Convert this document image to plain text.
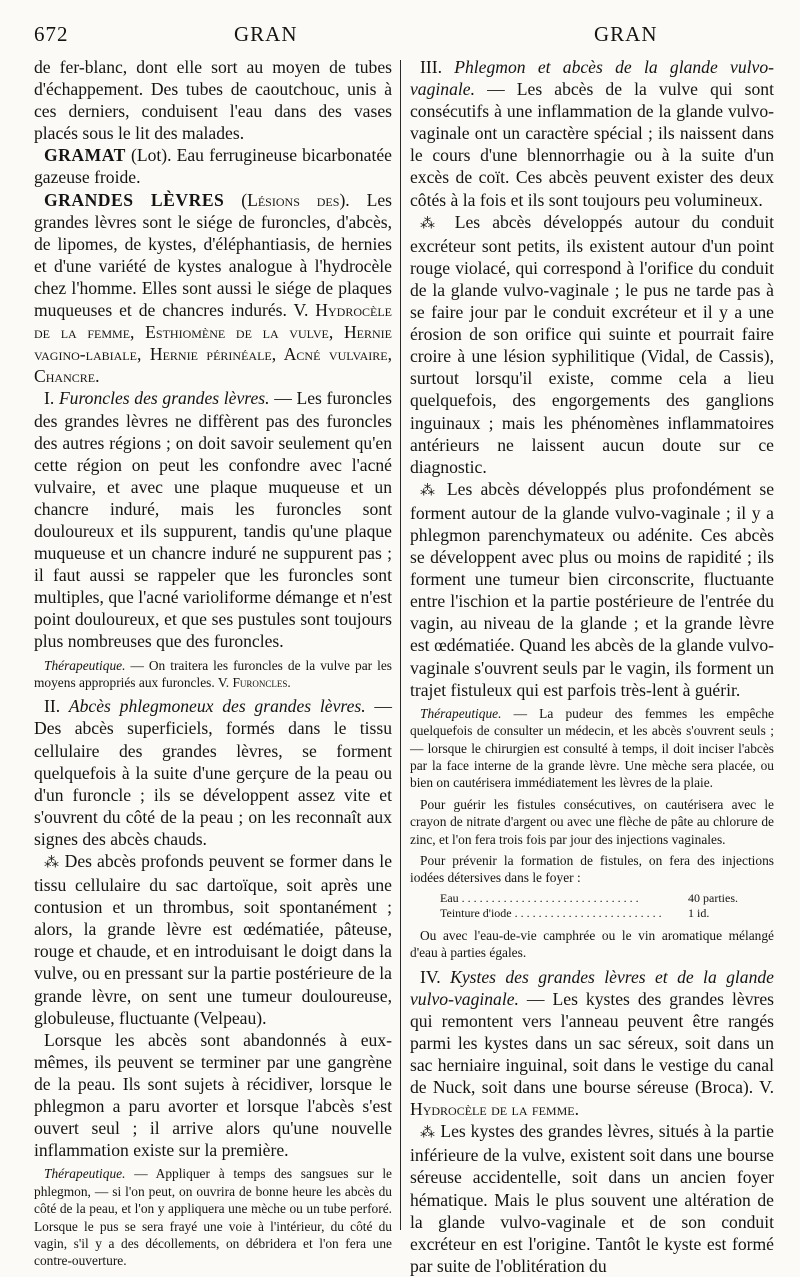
672	GRAN	GRAN

de fer-blanc, dont elle sort au moyen de tubes d'échappement. Des tubes de caoutchouc, unis à ces derniers, conduisent l'eau dans des vases placés sous le lit des malades.

GRAMAT (Lot). Eau ferrugineuse bicarbonatée gazeuse froide.

GRANDES LÈVRES (Lésions des). Les grandes lèvres sont le siége de furoncles, d'abcès, de lipomes, de kystes, d'éléphantiasis, de hernies et d'une variété de kystes analogue à l'hydrocèle chez l'homme. Elles sont aussi le siége de plaques muqueuses et de chancres indurés. V. Hydrocèle de la femme, Esthiomène de la vulve, Hernie vagino-labiale, Hernie périnéale, Acné vulvaire, Chancre.

I. Furoncles des grandes lèvres. — Les furoncles des grandes lèvres ne diffèrent pas des furoncles des autres régions ; on doit savoir seulement qu'en cette région on peut les confondre avec l'acné vulvaire, et avec une plaque muqueuse et un chancre induré, mais les furoncles sont douloureux et ils suppurent, tandis qu'une plaque muqueuse et un chancre induré ne suppurent pas ; il faut aussi se rappeler que les furoncles sont multiples, que l'acné varioliforme démange et n'est point douloureux, et que ses pustules sont toujours plus nombreuses que des furoncles.

Thérapeutique. — On traitera les furoncles de la vulve par les moyens appropriés aux furoncles. V. Furoncles.

II. Abcès phlegmoneux des grandes lèvres. — Des abcès superficiels, formés dans le tissu cellulaire des grandes lèvres, se forment quelquefois à la suite d'une gerçure de la peau ou d'un furoncle ; ils se développent assez vite et s'ouvrent du côté de la peau ; on les reconnaît aux signes des abcès chauds.

⁂ Des abcès profonds peuvent se former dans le tissu cellulaire du sac dartoïque, soit après une contusion et un thrombus, soit spontanément ; alors, la grande lèvre est œdématiée, pâteuse, rouge et chaude, et en introduisant le doigt dans la vulve, ou en pressant sur la partie postérieure de la grande lèvre, on sent une tumeur douloureuse, globuleuse, fluctuante (Velpeau).

Lorsque les abcès sont abandonnés à eux-mêmes, ils peuvent se terminer par une gangrène de la peau. Ils sont sujets à récidiver, lorsque le phlegmon a paru avorter et lorsque l'abcès s'est ouvert seul ; il arrive alors qu'une nouvelle inflammation existe sur la première.

Thérapeutique. — Appliquer à temps des sangsues sur le phlegmon, — si l'on peut, on ouvrira de bonne heure les abcès du côté de la peau, et l'on y appliquera une mèche ou un tube perforé. Lorsque le pus se sera frayé une voie à l'intérieur, du côté du vagin, s'il y a des décollements, on débridera et l'on fera une contre-ouverture.

III. Phlegmon et abcès de la glande vulvo-vaginale. — Les abcès de la vulve qui sont consécutifs à une inflammation de la glande vulvo-vaginale ont un caractère spécial ; ils naissent dans le cours d'une blennorrhagie ou à la suite d'un excès de coït. Ces abcès peuvent exister des deux côtés à la fois et ils sont toujours peu volumineux.

⁂ Les abcès développés autour du conduit excréteur sont petits, ils existent autour d'un point rouge violacé, qui correspond à l'orifice du conduit de la glande vulvo-vaginale ; le pus ne tarde pas à se faire jour par le conduit excréteur et il y a une érosion de son orifice qui suinte et pourrait faire croire à une lésion syphilitique (Vidal, de Cassis), surtout lorsqu'il existe, comme cela a lieu quelquefois, des engorgements des ganglions inguinaux ; mais les phénomènes inflammatoires antérieurs ne laissent aucun doute sur ce diagnostic.

⁂ Les abcès développés plus profondément se forment autour de la glande vulvo-vaginale ; il y a phlegmon parenchymateux ou adénite. Ces abcès se développent avec plus ou moins de rapidité ; ils forment une tumeur bien circonscrite, fluctuante entre l'ischion et la partie postérieure de l'entrée du vagin, au niveau de la glande ; et la grande lèvre est œdématiée. Quand les abcès de la glande vulvo-vaginale s'ouvrent seuls par le vagin, ils forment un trajet fistuleux qui est parfois très-lent à guérir.

Thérapeutique. — La pudeur des femmes les empêche quelquefois de consulter un médecin, et les abcès s'ouvrent seuls ; — lorsque le chirurgien est consulté à temps, il doit inciser l'abcès par la face interne de la grande lèvre. Une mèche sera placée, ou bien on cautérisera immédiatement les lèvres de la plaie.

Pour guérir les fistules consécutives, on cautérisera avec le crayon de nitrate d'argent ou avec une flèche de pâte au chlorure de zinc, et l'on fera trois fois par jour des injections vaginales.

Pour prévenir la formation de fistules, on fera des injections iodées détersives dans le foyer :

Eau . . . . . . . . . . . . . . . . . . . . . . . . . . . . . .	40 parties.
Teinture d'iode . . . . . . . . . . . . . . . . . . . . . . . . .	1 id.

Ou avec l'eau-de-vie camphrée ou le vin aromatique mélangé d'eau à parties égales.

IV. Kystes des grandes lèvres et de la glande vulvo-vaginale. — Les kystes des grandes lèvres qui remontent vers l'anneau peuvent être rangés parmi les kystes dans un sac séreux, soit dans un sac herniaire inguinal, soit dans le vestige du canal de Nuck, soit dans une bourse séreuse (Broca). V. Hydrocèle de la femme.

⁂ Les kystes des grandes lèvres, situés à la partie inférieure de la vulve, existent soit dans une bourse séreuse accidentelle, soit dans un ancien foyer hématique. Mais le plus souvent une altération de la glande vulvo-vaginale et de son conduit excréteur en est l'origine. Tantôt le kyste est formé par suite de l'oblitération du
